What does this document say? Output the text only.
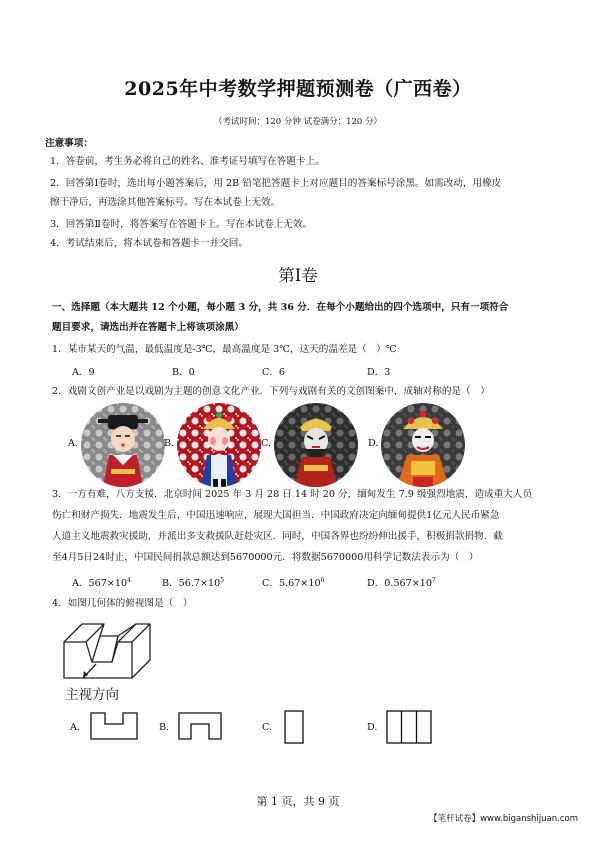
2025年中考数学押题预测卷（广西卷）
（考试时间：120 分钟 试卷满分：120 分）
注意事项：
1．答卷前，考生务必将自己的姓名、准考证号填写在答题卡上。
2．回答第Ⅰ卷时，选出每小题答案后，用 2B 铅笔把答题卡上对应题目的答案标号涂黑。如需改动，用橡皮
擦干净后，再选涂其他答案标号。写在本试卷上无效。
3．回答第Ⅱ卷时，将答案写在答题卡上。写在本试卷上无效。
4．考试结束后，将本试卷和答题卡一并交回。
第Ⅰ卷
一、选择题（本大题共 12 个小题，每小题 3 分，共 36 分．在每个小题给出的四个选项中，只有一项符合
题目要求，请选出并在答题卡上将该项涂黑）
1．某市某天的气温，最低温度是-3℃，最高温度是 3℃，这天的温差是（　）℃
A．9	B．0	C．6	D．3
2．戏剧文创产业是以戏剧为主题的创意文化产业．下列与戏剧有关的文创图案中，成轴对称的是（　）
A.	B.	C.	D.
3．一方有难，八方支援．北京时间 2025 年 3 月 28 日 14 时 20 分，缅甸发生 7.9 级强烈地震，造成重大人员
伤亡和财产损失．地震发生后，中国迅速响应，展现大国担当．中国政府决定向缅甸提供1亿元人民币紧急
人道主义地震救灾援助，并派出多支救援队赶赴灾区．同时，中国各界也纷纷伸出援手，积极捐款捐物．截
至4月5日24时止，中国民间捐款总额达到5670000元．将数据5670000用科学记数法表示为（　）
A．$567\times 10^4$	B．$56.7\times 10^5$	C．$5.67\times 10^6$	D．$0.567\times 10^7$
4．如图几何体的俯视图是（　）
主视方向
A.	B.	C.	D.
第 1 页，共 9 页
【笔杆试卷】www.biganshijuan.com
